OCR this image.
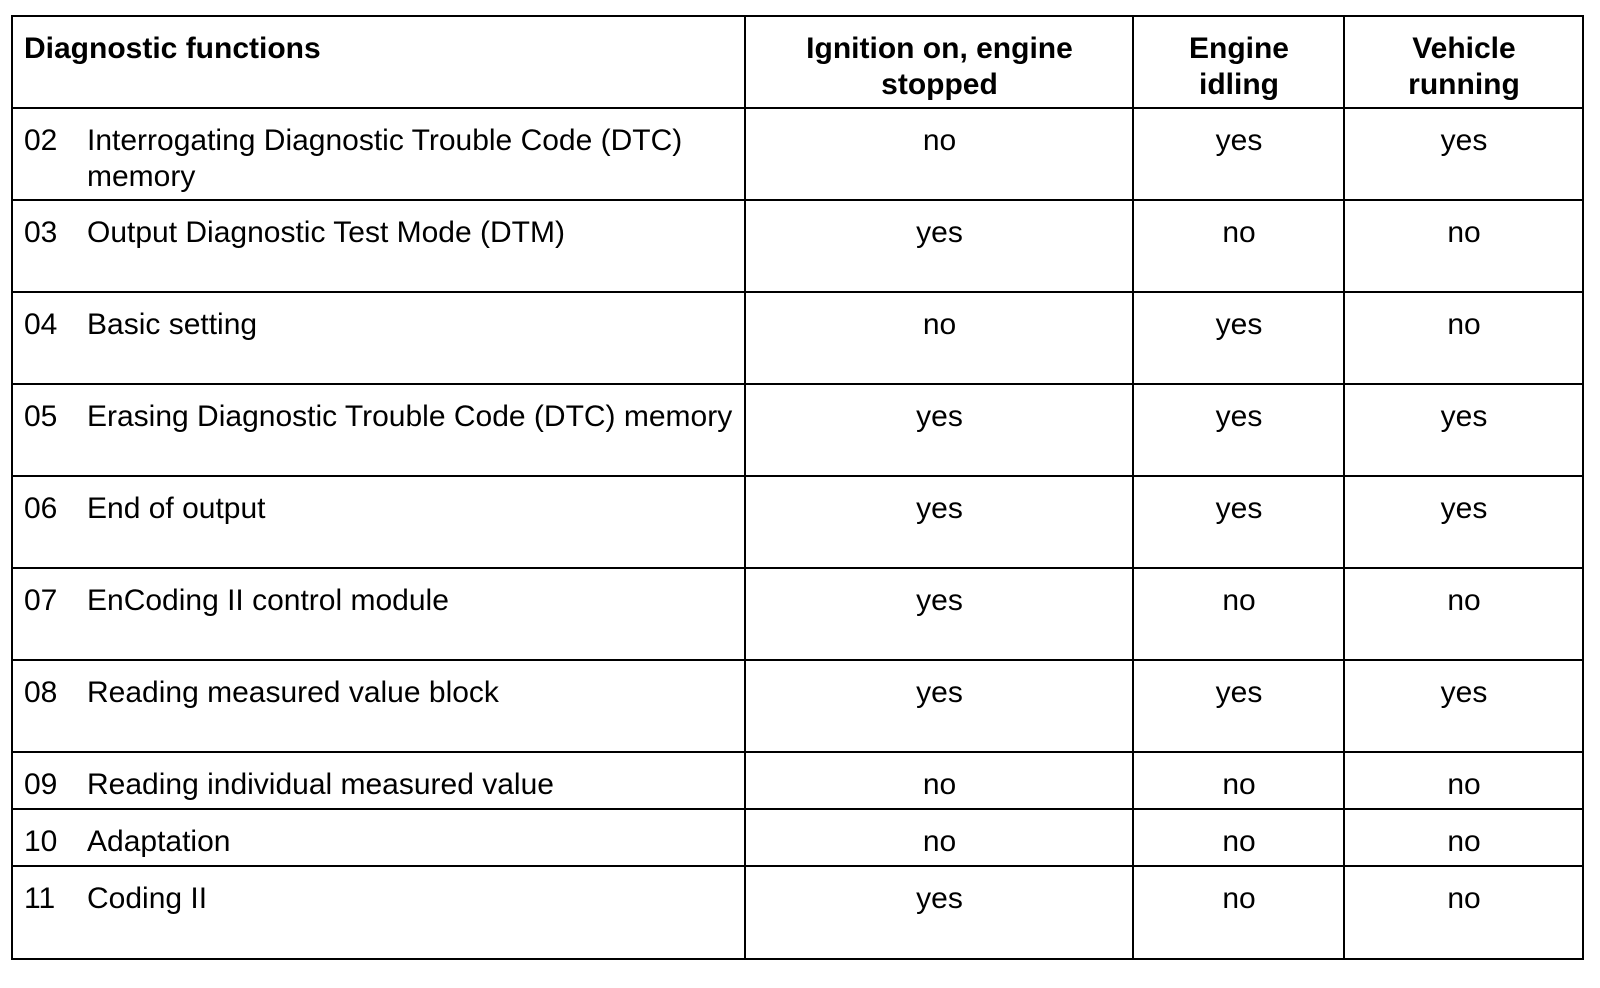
Diagnostic functions	Ignition on, engine stopped	Engine idling	Vehicle running

02 Interrogating Diagnostic Trouble Code (DTC) memory	no	yes	yes

03 Output Diagnostic Test Mode (DTM)	yes	no	no

04 Basic setting	no	yes	no

05 Erasing Diagnostic Trouble Code (DTC) memory	yes	yes	yes

06 End of output	yes	yes	yes

07 EnCoding II control module	yes	no	no

08 Reading measured value block	yes	yes	yes

09 Reading individual measured value	no	no	no

10 Adaptation	no	no	no

11 Coding II	yes	no	no
